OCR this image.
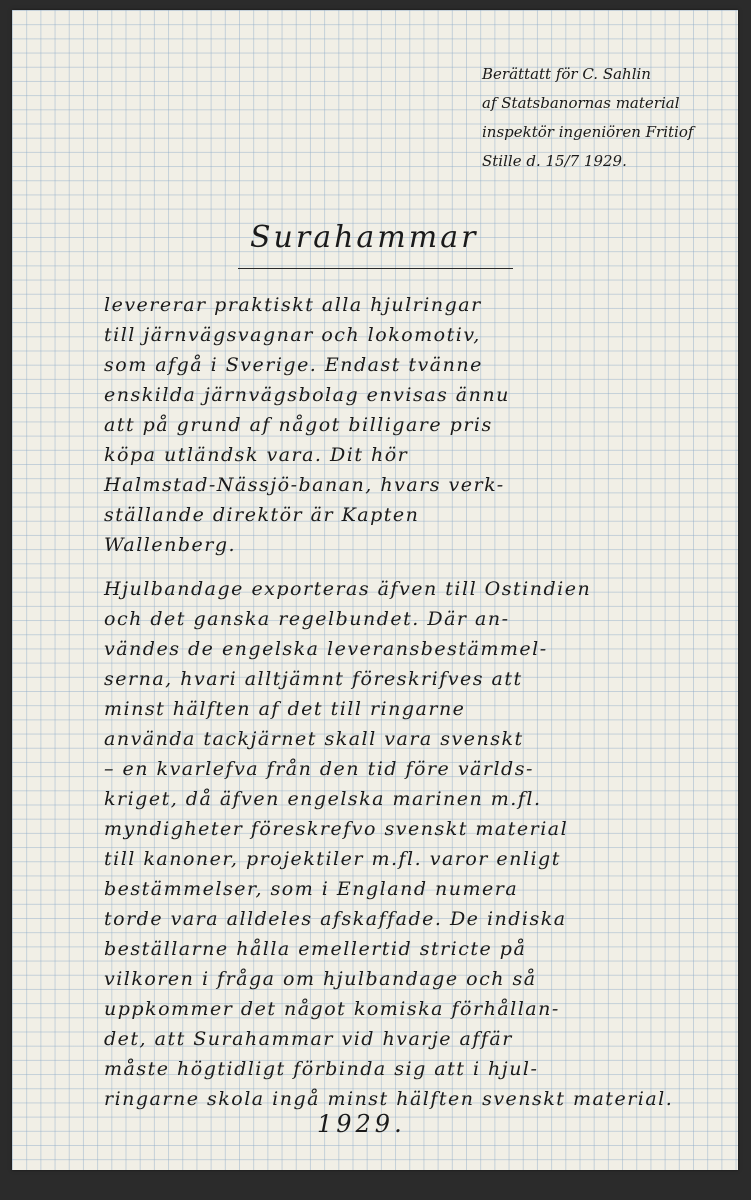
Berättatt för C. Sahlin
af Statsbanornas material
inspektör ingeniören Fritiof
Stille d. 15/7 1929.
Surahammar
levererar praktiskt alla hjulringar
till järnvägsvagnar och lokomotiv,
som afgå i Sverige. Endast tvänne
enskilda järnvägsbolag envisas ännu
att på grund af något billigare pris
köpa utländsk vara. Dit hör
Halmstad-Nässjö-banan, hvars verk-
ställande direktör är Kapten
Wallenberg.
Hjulbandage exporteras äfven till Ostindien
och det ganska regelbundet. Där an-
vändes de engelska leveransbestämmel-
serna, hvari alltjämnt föreskrifves att
minst hälften af det till ringarne
använda tackjärnet skall vara svenskt
– en kvarlefva från den tid före världs-
kriget, då äfven engelska marinen m.fl.
myndigheter föreskrefvo svenskt material
till kanoner, projektiler m.fl. varor enligt
bestämmelser, som i England numera
torde vara alldeles afskaffade. De indiska
beställarne hålla emellertid stricte på
vilkoren i fråga om hjulbandage och så
uppkommer det något komiska förhållan-
det, att Surahammar vid hvarje affär
måste högtidligt förbinda sig att i hjul-
ringarne skola ingå minst hälften svenskt material.
1929.
